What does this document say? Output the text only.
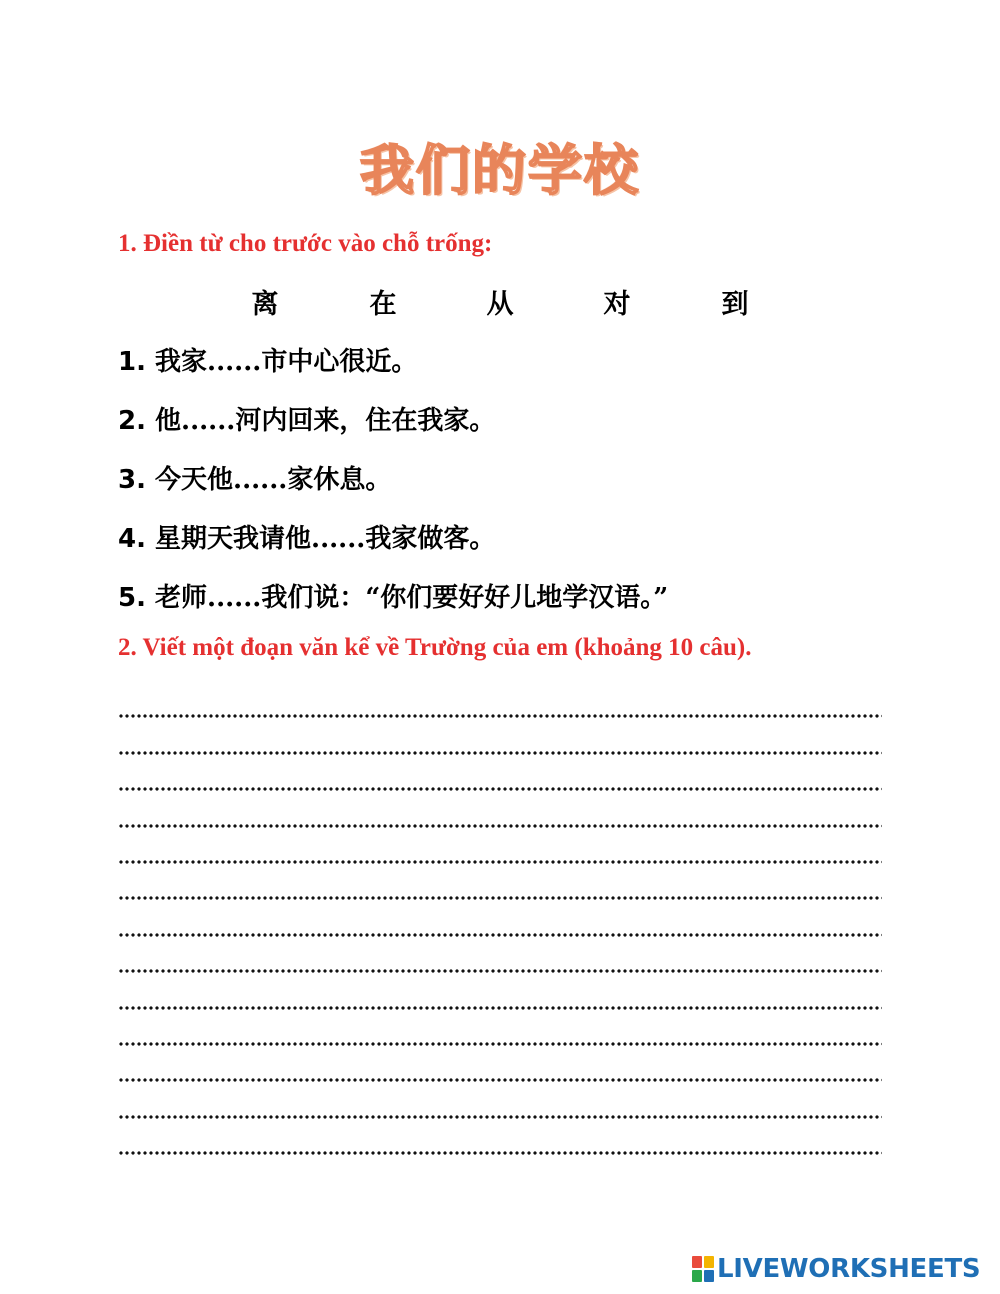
我们的学校
1. Điền từ cho trước vào chỗ trống:
离	在	从	对	到
1. 我家......市中心很近。
2. 他......河内回来，住在我家。
3. 今天他......家休息。
4. 星期天我请他......我家做客。
5. 老师......我们说：“你们要好好儿地学汉语。”
2. Viết một đoạn văn kể về Trường của em (khoảng 10 câu).
LIVEWORKSHEETS
